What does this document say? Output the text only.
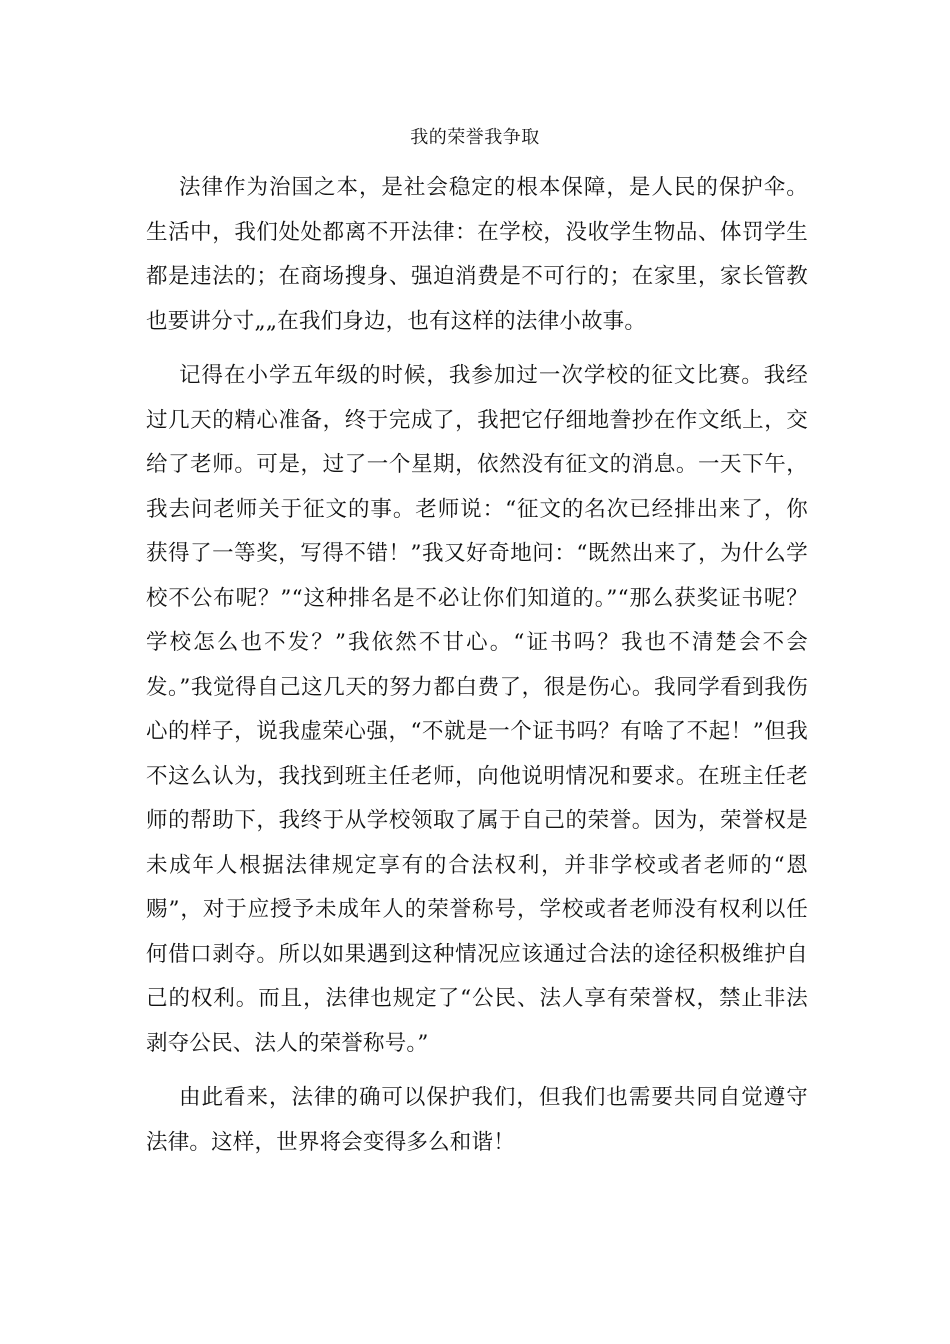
我的荣誉我争取

法律作为治国之本，是社会稳定的根本保障，是人民的保护伞。生活中，我们处处都离不开法律：在学校，没收学生物品、体罚学生都是违法的；在商场搜身、强迫消费是不可行的；在家里，家长管教也要讲分寸„„在我们身边，也有这样的法律小故事。

记得在小学五年级的时候，我参加过一次学校的征文比赛。我经过几天的精心准备，终于完成了，我把它仔细地誊抄在作文纸上，交给了老师。可是，过了一个星期，依然没有征文的消息。一天下午，我去问老师关于征文的事。老师说：“征文的名次已经排出来了，你获得了一等奖，写得不错！”我又好奇地问：“既然出来了，为什么学校不公布呢？”“这种排名是不必让你们知道的。”“那么获奖证书呢？学校怎么也不发？”我依然不甘心。“证书吗？我也不清楚会不会发。”我觉得自己这几天的努力都白费了，很是伤心。我同学看到我伤心的样子，说我虚荣心强，“不就是一个证书吗？有啥了不起！”但我不这么认为，我找到班主任老师，向他说明情况和要求。在班主任老师的帮助下，我终于从学校领取了属于自己的荣誉。因为，荣誉权是未成年人根据法律规定享有的合法权利，并非学校或者老师的“恩赐”，对于应授予未成年人的荣誉称号，学校或者老师没有权利以任何借口剥夺。所以如果遇到这种情况应该通过合法的途径积极维护自己的权利。而且，法律也规定了“公民、法人享有荣誉权，禁止非法剥夺公民、法人的荣誉称号。”

由此看来，法律的确可以保护我们，但我们也需要共同自觉遵守法律。这样，世界将会变得多么和谐！
